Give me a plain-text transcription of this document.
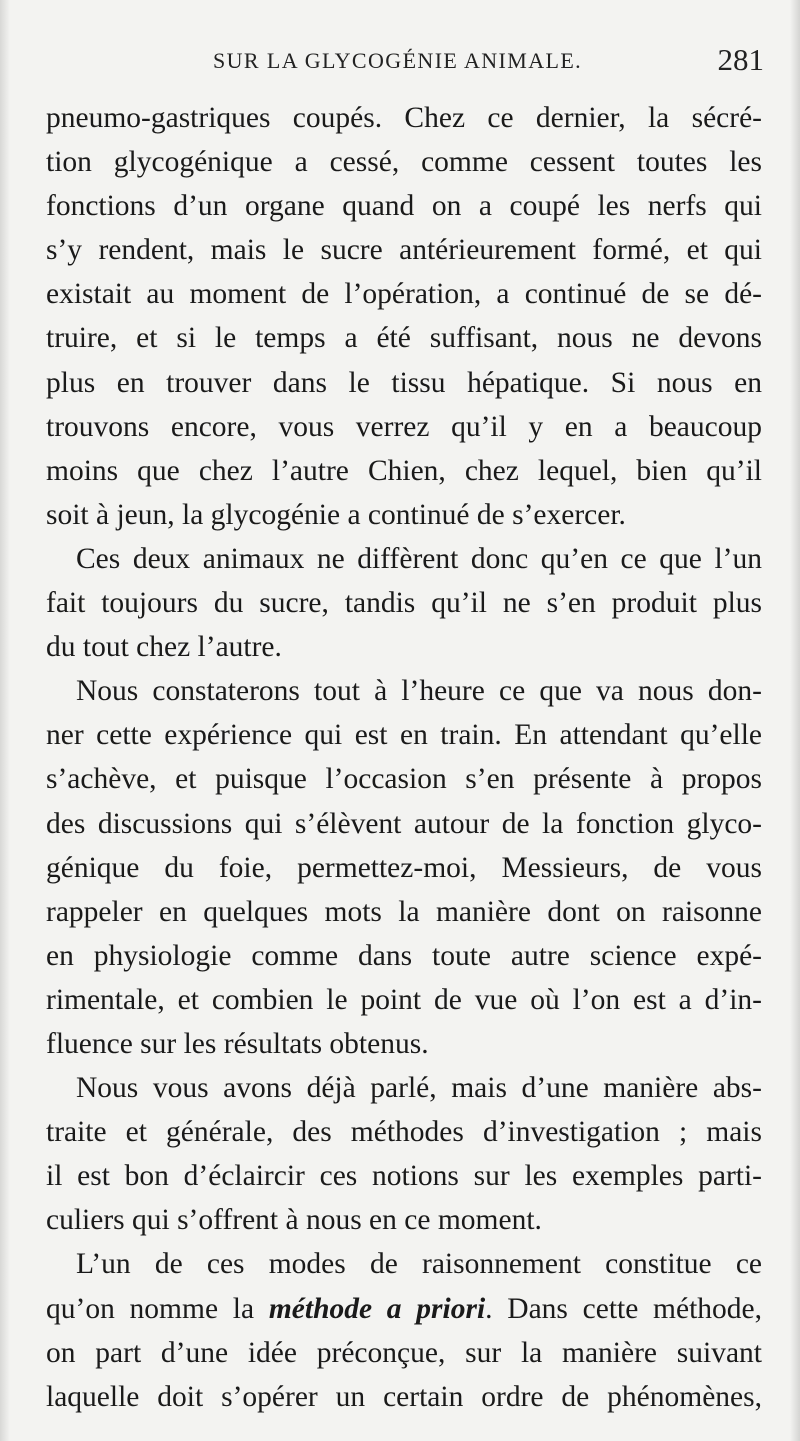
SUR LA GLYCOGÉNIE ANIMALE.	281
pneumo-gastriques coupés. Chez ce dernier, la sécré-
tion glycogénique a cessé, comme cessent toutes les
fonctions d’un organe quand on a coupé les nerfs qui
s’y rendent, mais le sucre antérieurement formé, et qui
existait au moment de l’opération, a continué de se dé-
truire, et si le temps a été suffisant, nous ne devons
plus en trouver dans le tissu hépatique. Si nous en
trouvons encore, vous verrez qu’il y en a beaucoup
moins que chez l’autre Chien, chez lequel, bien qu’il
soit à jeun, la glycogénie a continué de s’exercer.
Ces deux animaux ne diffèrent donc qu’en ce que l’un
fait toujours du sucre, tandis qu’il ne s’en produit plus
du tout chez l’autre.
Nous constaterons tout à l’heure ce que va nous don-
ner cette expérience qui est en train. En attendant qu’elle
s’achève, et puisque l’occasion s’en présente à propos
des discussions qui s’élèvent autour de la fonction glyco-
génique du foie, permettez-moi, Messieurs, de vous
rappeler en quelques mots la manière dont on raisonne
en physiologie comme dans toute autre science expé-
rimentale, et combien le point de vue où l’on est a d’in-
fluence sur les résultats obtenus.
Nous vous avons déjà parlé, mais d’une manière abs-
traite et générale, des méthodes d’investigation ; mais
il est bon d’éclaircir ces notions sur les exemples parti-
culiers qui s’offrent à nous en ce moment.
L’un de ces modes de raisonnement constitue ce
qu’on nomme la méthode a priori. Dans cette méthode,
on part d’une idée préconçue, sur la manière suivant
laquelle doit s’opérer un certain ordre de phénomènes,
